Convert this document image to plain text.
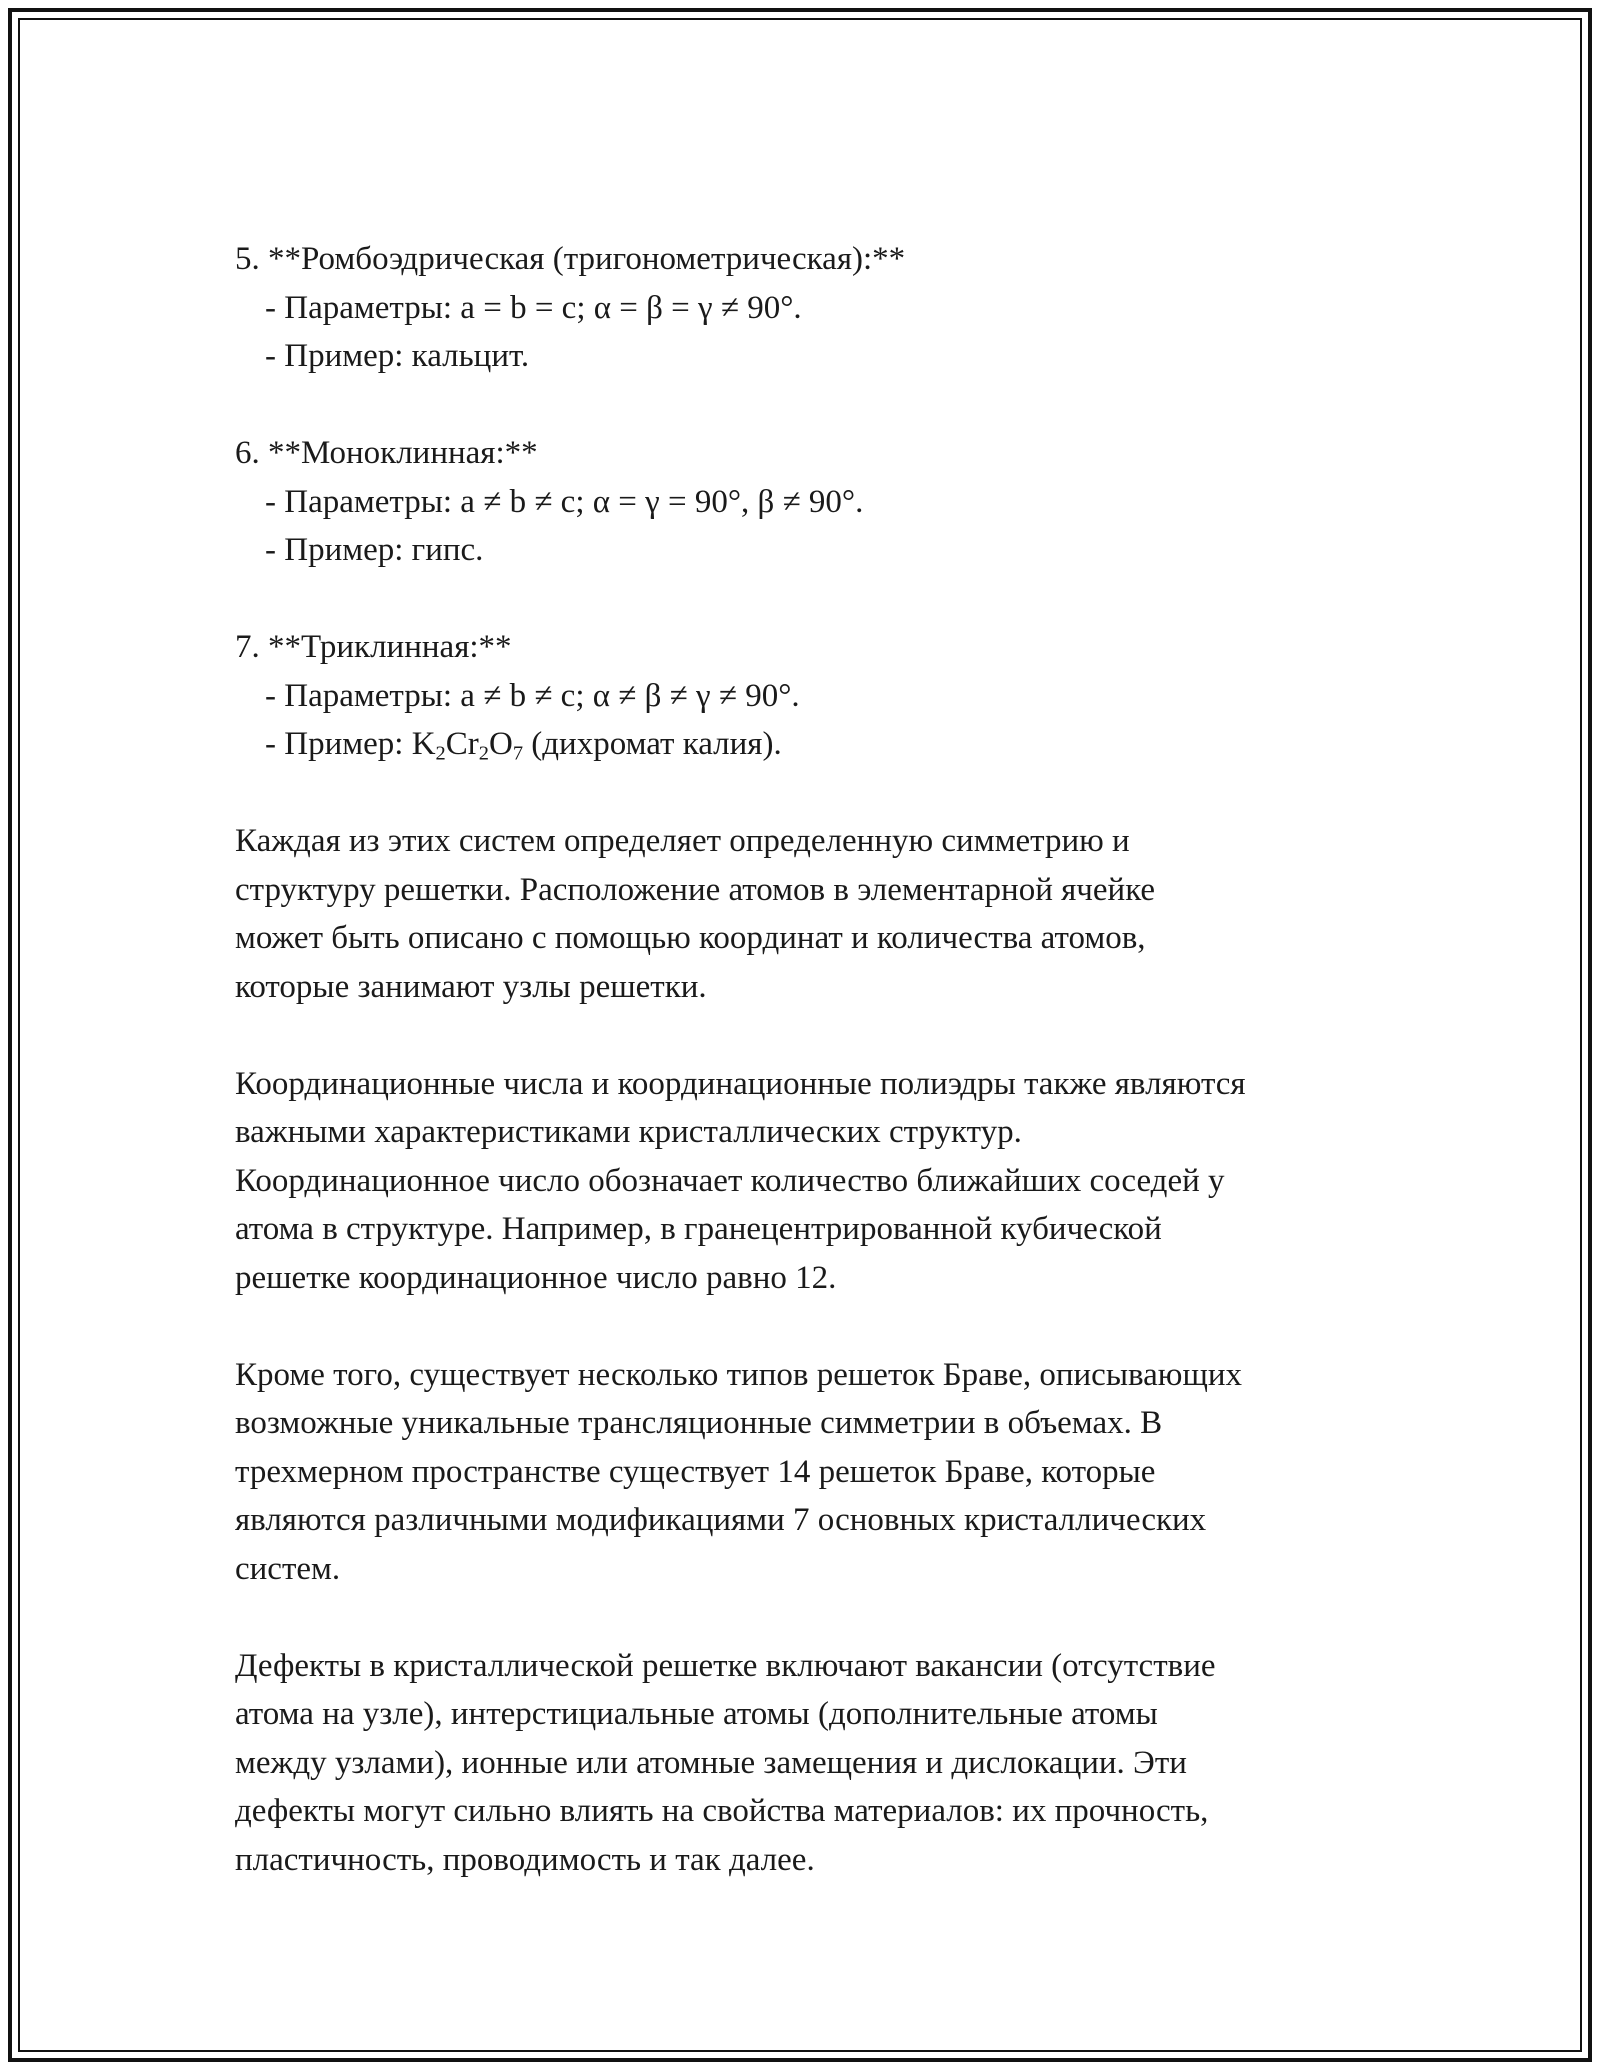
5. **Ромбоэдрическая (тригонометрическая):**
- Параметры: a = b = c; α = β = γ ≠ 90°.
- Пример: кальцит.
6. **Моноклинная:**
- Параметры: a ≠ b ≠ c; α = γ = 90°, β ≠ 90°.
- Пример: гипс.
7. **Триклинная:**
- Параметры: a ≠ b ≠ c; α ≠ β ≠ γ ≠ 90°.
- Пример: $K_2Cr_2O_7$ (дихромат калия).
Каждая из этих систем определяет определенную симметрию и
структуру решетки. Расположение атомов в элементарной ячейке
может быть описано с помощью координат и количества атомов,
которые занимают узлы решетки.
Координационные числа и координационные полиэдры также являются
важными характеристиками кристаллических структур.
Координационное число обозначает количество ближайших соседей у
атома в структуре. Например, в гранецентрированной кубической
решетке координационное число равно 12.
Кроме того, существует несколько типов решеток Браве, описывающих
возможные уникальные трансляционные симметрии в объемах. В
трехмерном пространстве существует 14 решеток Браве, которые
являются различными модификациями 7 основных кристаллических
систем.
Дефекты в кристаллической решетке включают вакансии (отсутствие
атома на узле), интерстициальные атомы (дополнительные атомы
между узлами), ионные или атомные замещения и дислокации. Эти
дефекты могут сильно влиять на свойства материалов: их прочность,
пластичность, проводимость и так далее.
